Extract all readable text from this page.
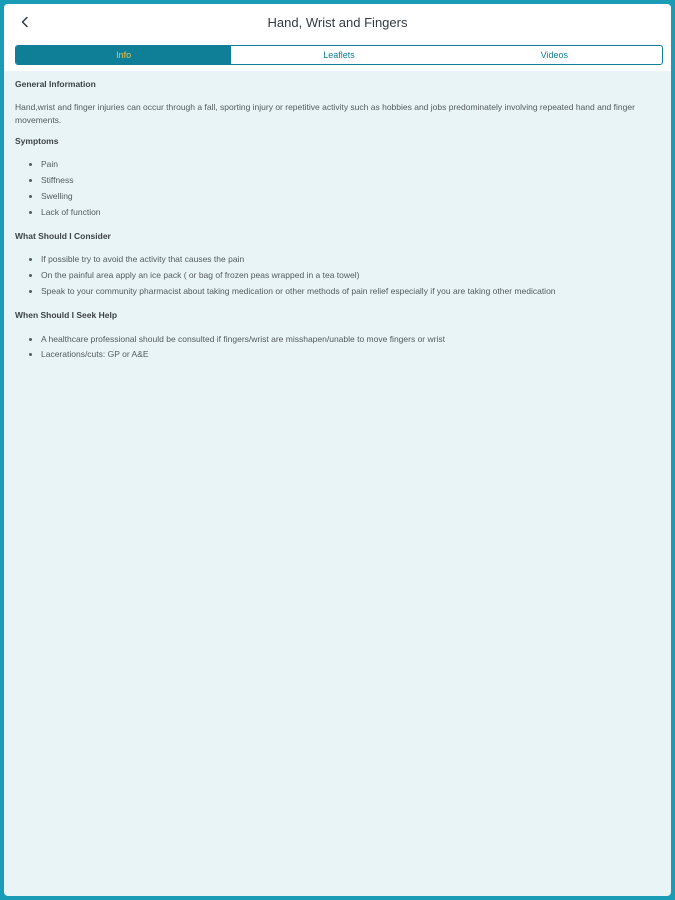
Hand, Wrist and Fingers
Info	Leaflets	Videos
General Information
Hand,wrist and finger injuries can occur through a fall, sporting injury or repetitive activity such as hobbies and jobs predominately involving repeated hand and finger movements.
Symptoms
• Pain
• Stiffness
• Swelling
• Lack of function
What Should I Consider
• If possible try to avoid the activity that causes the pain
• On the painful area apply an ice pack ( or bag of frozen peas wrapped in a tea towel)
• Speak to your community pharmacist about taking medication or other methods of pain relief especially if you are taking other medication
When Should I Seek Help
• A healthcare professional should be consulted if fingers/wrist are misshapen/unable to move fingers or wrist
• Lacerations/cuts: GP or A&E
